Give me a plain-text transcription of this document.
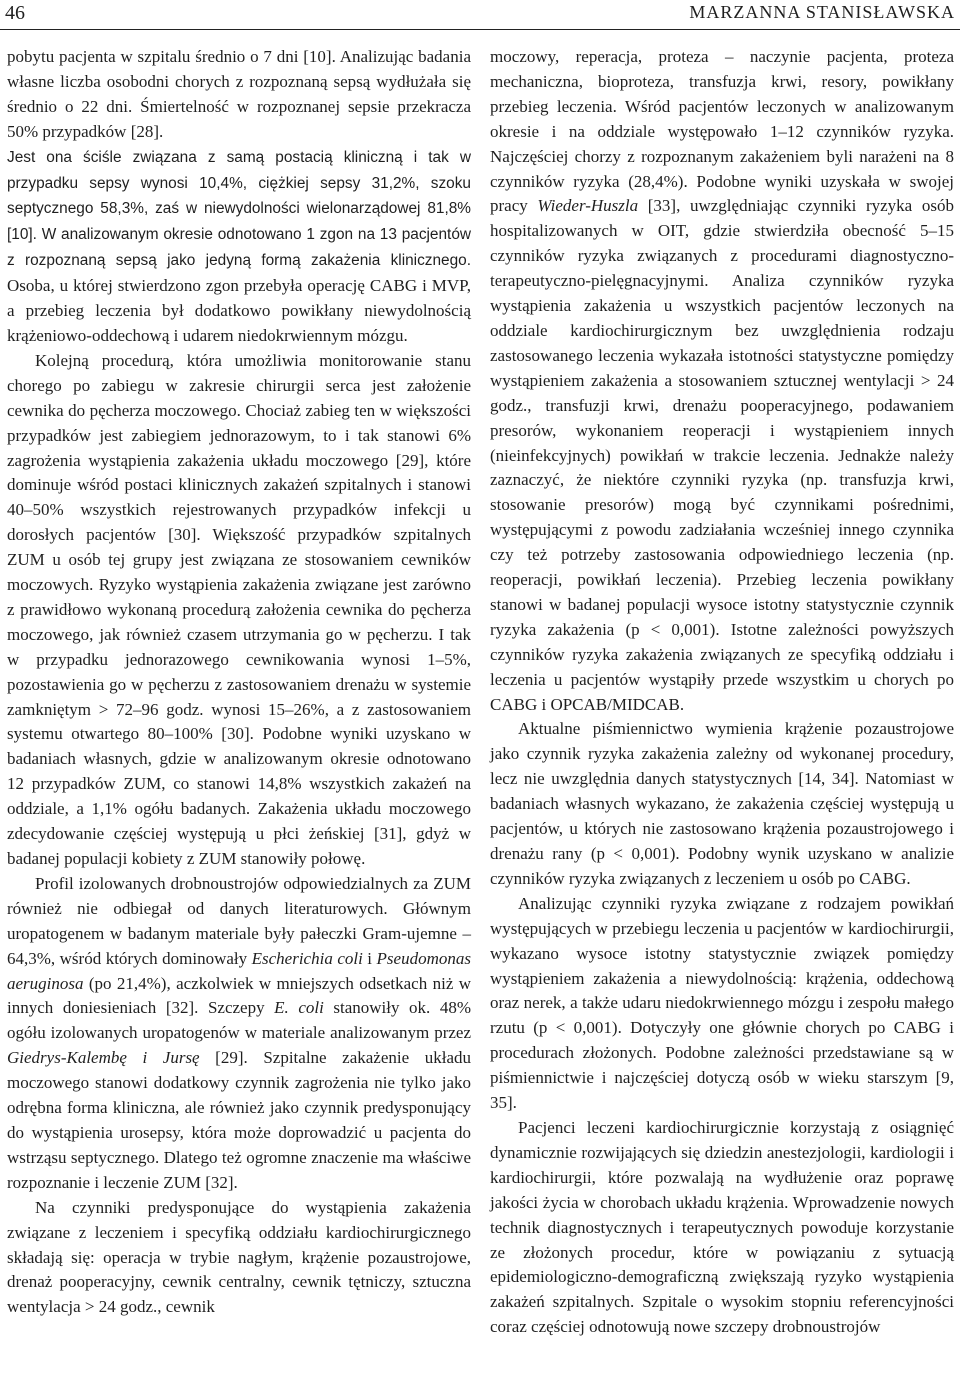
46	MARZANNA STANISŁAWSKA

pobytu pacjenta w szpitalu średnio o 7 dni [10]. Analizując badania własne liczba osobodni chorych z rozpoznaną sepsą wydłużała się średnio o 22 dni. Śmiertelność w rozpoznanej sepsie przekracza 50% przypadków [28].
Jest ona ściśle związana z samą postacią kliniczną i tak w przypadku sepsy wynosi 10,4%, ciężkiej sepsy 31,2%, szoku septycznego 58,3%, zaś w niewydolności wielonarządowej 81,8% [10]. W analizowanym okresie odnotowano 1 zgon na 13 pacjentów z rozpoznaną sepsą jako jedyną formą zakażenia klinicznego. Osoba, u której stwierdzono zgon przebyła operację CABG i MVP, a przebieg leczenia był dodatkowo powikłany niewydolnością krążeniowo-oddechową i udarem niedokrwiennym mózgu.

Kolejną procedurą, która umożliwia monitorowanie stanu chorego po zabiegu w zakresie chirurgii serca jest założenie cewnika do pęcherza moczowego. Chociaż zabieg ten w większości przypadków jest zabiegiem jednorazowym, to i tak stanowi 6% zagrożenia wystąpienia zakażenia układu moczowego [29], które dominuje wśród postaci klinicznych zakażeń szpitalnych i stanowi 40–50% wszystkich rejestrowanych przypadków infekcji u dorosłych pacjentów [30]. Większość przypadków szpitalnych ZUM u osób tej grupy jest związana ze stosowaniem cewników moczowych. Ryzyko wystąpienia zakażenia związane jest zarówno z prawidłowo wykonaną procedurą założenia cewnika do pęcherza moczowego, jak również czasem utrzymania go w pęcherzu. I tak w przypadku jednorazowego cewnikowania wynosi 1–5%, pozostawienia go w pęcherzu z zastosowaniem drenażu w systemie zamkniętym > 72–96 godz. wynosi 15–26%, a z zastosowaniem systemu otwartego 80–100% [30]. Podobne wyniki uzyskano w badaniach własnych, gdzie w analizowanym okresie odnotowano 12 przypadków ZUM, co stanowi 14,8% wszystkich zakażeń na oddziale, a 1,1% ogółu badanych. Zakażenia układu moczowego zdecydowanie częściej występują u płci żeńskiej [31], gdyż w badanej populacji kobiety z ZUM stanowiły połowę.

Profil izolowanych drobnoustrojów odpowiedzialnych za ZUM również nie odbiegał od danych literaturowych. Głównym uropatogenem w badanym materiale były pałeczki Gram-ujemne – 64,3%, wśród których dominowały Escherichia coli i Pseudomonas aeruginosa (po 21,4%), aczkolwiek w mniejszych odsetkach niż w innych doniesieniach [32]. Szczepy E. coli stanowiły ok. 48% ogółu izolowanych uropatogenów w materiale analizowanym przez Giedrys-Kalembę i Jursę [29]. Szpitalne zakażenie układu moczowego stanowi dodatkowy czynnik zagrożenia nie tylko jako odrębna forma kliniczna, ale również jako czynnik predysponujący do wystąpienia urosepsy, która może doprowadzić u pacjenta do wstrząsu septycznego. Dlatego też ogromne znaczenie ma właściwe rozpoznanie i leczenie ZUM [32].

Na czynniki predysponujące do wystąpienia zakażenia związane z leczeniem i specyfiką oddziału kardiochirurgicznego składają się: operacja w trybie nagłym, krążenie pozaustrojowe, drenaż pooperacyjny, cewnik centralny, cewnik tętniczy, sztuczna wentylacja > 24 godz., cewnik

moczowy, reperacja, proteza – naczynie pacjenta, proteza mechaniczna, bioproteza, transfuzja krwi, resory, powikłany przebieg leczenia. Wśród pacjentów leczonych w analizowanym okresie i na oddziale występowało 1–12 czynników ryzyka. Najczęściej chorzy z rozpoznanym zakażeniem byli narażeni na 8 czynników ryzyka (28,4%). Podobne wyniki uzyskała w swojej pracy Wieder-Huszla [33], uwzględniając czynniki ryzyka osób hospitalizowanych w OIT, gdzie stwierdziła obecność 5–15 czynników ryzyka związanych z procedurami diagnostyczno-terapeutyczno-pielęgnacyjnymi. Analiza czynników ryzyka wystąpienia zakażenia u wszystkich pacjentów leczonych na oddziale kardiochirurgicznym bez uwzględnienia rodzaju zastosowanego leczenia wykazała istotności statystyczne pomiędzy wystąpieniem zakażenia a stosowaniem sztucznej wentylacji > 24 godz., transfuzji krwi, drenażu pooperacyjnego, podawaniem presorów, wykonaniem reoperacji i wystąpieniem innych (nieinfekcyjnych) powikłań w trakcie leczenia. Jednakże należy zaznaczyć, że niektóre czynniki ryzyka (np. transfuzja krwi, stosowanie presorów) mogą być czynnikami pośrednimi, występującymi z powodu zadziałania wcześniej innego czynnika czy też potrzeby zastosowania odpowiedniego leczenia (np. reoperacji, powikłań leczenia). Przebieg leczenia powikłany stanowi w badanej populacji wysoce istotny statystycznie czynnik ryzyka zakażenia (p < 0,001). Istotne zależności powyższych czynników ryzyka zakażenia związanych ze specyfiką oddziału i leczenia u pacjentów wystąpiły przede wszystkim u chorych po CABG i OPCAB/MIDCAB.

Aktualne piśmiennictwo wymienia krążenie pozaustrojowe jako czynnik ryzyka zakażenia zależny od wykonanej procedury, lecz nie uwzględnia danych statystycznych [14, 34]. Natomiast w badaniach własnych wykazano, że zakażenia częściej występują u pacjentów, u których nie zastosowano krążenia pozaustrojowego i drenażu rany (p < 0,001). Podobny wynik uzyskano w analizie czynników ryzyka związanych z leczeniem u osób po CABG.

Analizując czynniki ryzyka związane z rodzajem powikłań występujących w przebiegu leczenia u pacjentów w kardiochirurgii, wykazano wysoce istotny statystycznie związek pomiędzy wystąpieniem zakażenia a niewydolnością: krążenia, oddechową oraz nerek, a także udaru niedokrwiennego mózgu i zespołu małego rzutu (p < 0,001). Dotyczyły one głównie chorych po CABG i procedurach złożonych. Podobne zależności przedstawiane są w piśmiennictwie i najczęściej dotyczą osób w wieku starszym [9, 35].

Pacjenci leczeni kardiochirurgicznie korzystają z osiągnięć dynamicznie rozwijających się dziedzin anestezjologii, kardiologii i kardiochirurgii, które pozwalają na wydłużenie oraz poprawę jakości życia w chorobach układu krążenia. Wprowadzenie nowych technik diagnostycznych i terapeutycznych powoduje korzystanie ze złożonych procedur, które w powiązaniu z sytuacją epidemiologiczno-demograficzną zwiększają ryzyko wystąpienia zakażeń szpitalnych. Szpitale o wysokim stopniu referencyjności coraz częściej odnotowują nowe szczepy drobnoustrojów
